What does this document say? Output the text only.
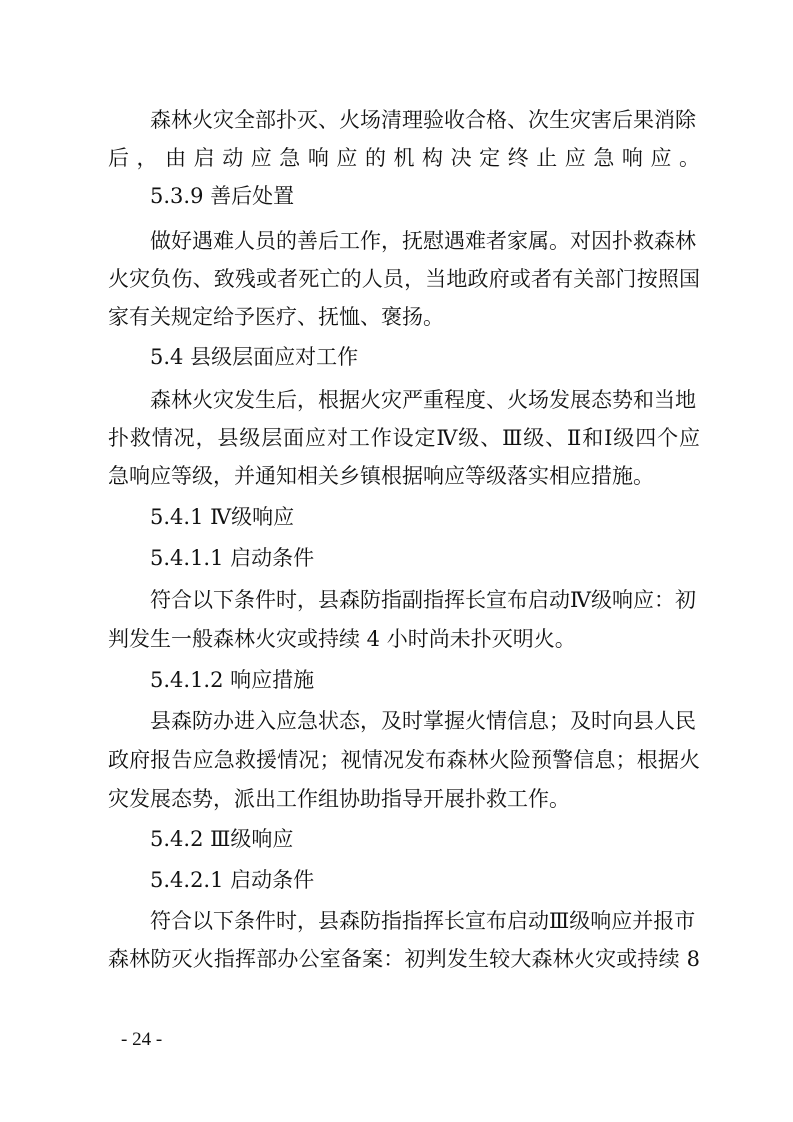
森林火灾全部扑灭、火场清理验收合格、次生灾害后果消除
后，由启动应急响应的机构决定终止应急响应。
5.3.9 善后处置
做好遇难人员的善后工作，抚慰遇难者家属。对因扑救森林
火灾负伤、致残或者死亡的人员，当地政府或者有关部门按照国
家有关规定给予医疗、抚恤、褒扬。
5.4 县级层面应对工作
森林火灾发生后，根据火灾严重程度、火场发展态势和当地
扑救情况，县级层面应对工作设定Ⅳ级、Ⅲ级、Ⅱ和Ⅰ级四个应
急响应等级，并通知相关乡镇根据响应等级落实相应措施。
5.4.1 Ⅳ级响应
5.4.1.1 启动条件
符合以下条件时，县森防指副指挥长宣布启动Ⅳ级响应：初
判发生一般森林火灾或持续 4 小时尚未扑灭明火。
5.4.1.2 响应措施
县森防办进入应急状态，及时掌握火情信息；及时向县人民
政府报告应急救援情况；视情况发布森林火险预警信息；根据火
灾发展态势，派出工作组协助指导开展扑救工作。
5.4.2 Ⅲ级响应
5.4.2.1 启动条件
符合以下条件时，县森防指指挥长宣布启动Ⅲ级响应并报市
森林防灭火指挥部办公室备案：初判发生较大森林火灾或持续 8
- 24 -
